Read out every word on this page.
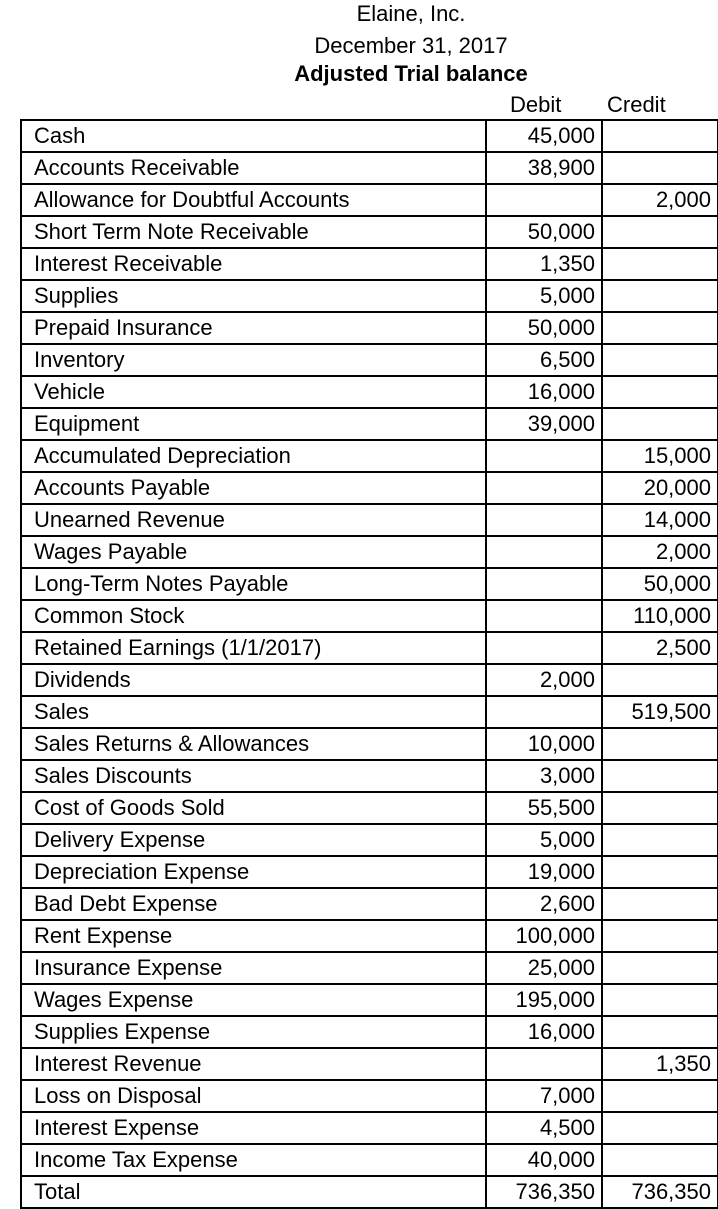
Elaine, Inc.
December 31, 2017
Adjusted Trial balance
Debit Credit
Cash	45,000	
Accounts Receivable	38,900	
Allowance for Doubtful Accounts		2,000
Short Term Note Receivable	50,000	
Interest Receivable	1,350	
Supplies	5,000	
Prepaid Insurance	50,000	
Inventory	6,500	
Vehicle	16,000	
Equipment	39,000	
Accumulated Depreciation		15,000
Accounts Payable		20,000
Unearned Revenue		14,000
Wages Payable		2,000
Long-Term Notes Payable		50,000
Common Stock		110,000
Retained Earnings (1/1/2017)		2,500
Dividends	2,000	
Sales		519,500
Sales Returns & Allowances	10,000	
Sales Discounts	3,000	
Cost of Goods Sold	55,500	
Delivery Expense	5,000	
Depreciation Expense	19,000	
Bad Debt Expense	2,600	
Rent Expense	100,000	
Insurance Expense	25,000	
Wages Expense	195,000	
Supplies Expense	16,000	
Interest Revenue		1,350
Loss on Disposal	7,000	
Interest Expense	4,500	
Income Tax Expense	40,000	
Total	736,350	736,350
